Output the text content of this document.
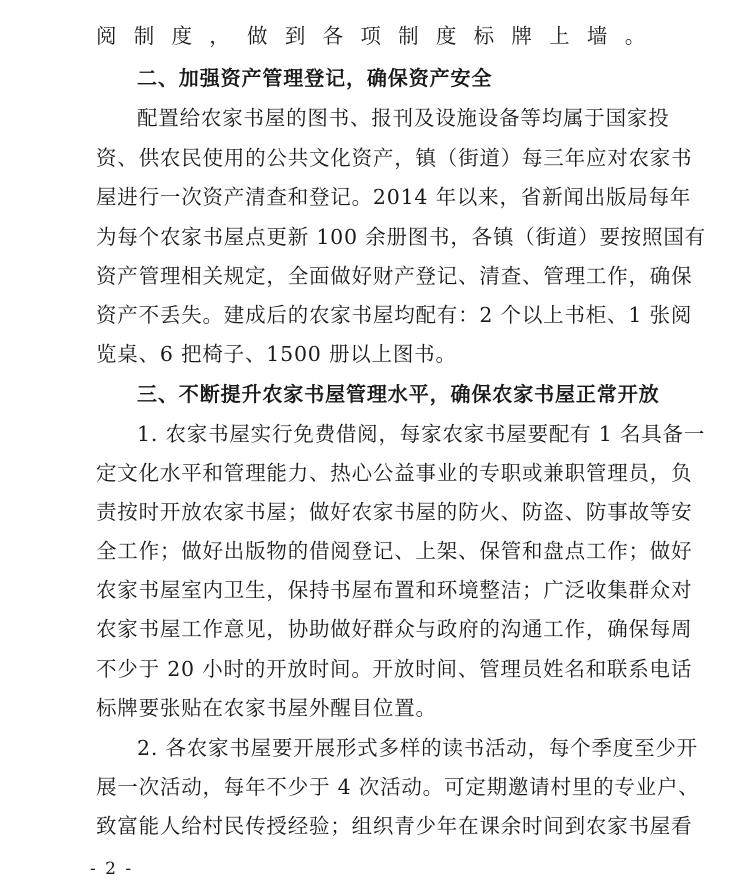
阅制度，做到各项制度标牌上墙。
二、加强资产管理登记，确保资产安全
配置给农家书屋的图书、报刊及设施设备等均属于国家投
资、供农民使用的公共文化资产，镇（街道）每三年应对农家书
屋进行一次资产清查和登记。2014 年以来，省新闻出版局每年
为每个农家书屋点更新 100 余册图书，各镇（街道）要按照国有
资产管理相关规定，全面做好财产登记、清查、管理工作，确保
资产不丢失。建成后的农家书屋均配有：2 个以上书柜、1 张阅
览桌、6 把椅子、1500 册以上图书。
三、不断提升农家书屋管理水平，确保农家书屋正常开放
1. 农家书屋实行免费借阅，每家农家书屋要配有 1 名具备一
定文化水平和管理能力、热心公益事业的专职或兼职管理员，负
责按时开放农家书屋；做好农家书屋的防火、防盗、防事故等安
全工作；做好出版物的借阅登记、上架、保管和盘点工作；做好
农家书屋室内卫生，保持书屋布置和环境整洁；广泛收集群众对
农家书屋工作意见，协助做好群众与政府的沟通工作，确保每周
不少于 20 小时的开放时间。开放时间、管理员姓名和联系电话
标牌要张贴在农家书屋外醒目位置。
2. 各农家书屋要开展形式多样的读书活动，每个季度至少开
展一次活动，每年不少于 4 次活动。可定期邀请村里的专业户、
致富能人给村民传授经验；组织青少年在课余时间到农家书屋看
- 2 -
